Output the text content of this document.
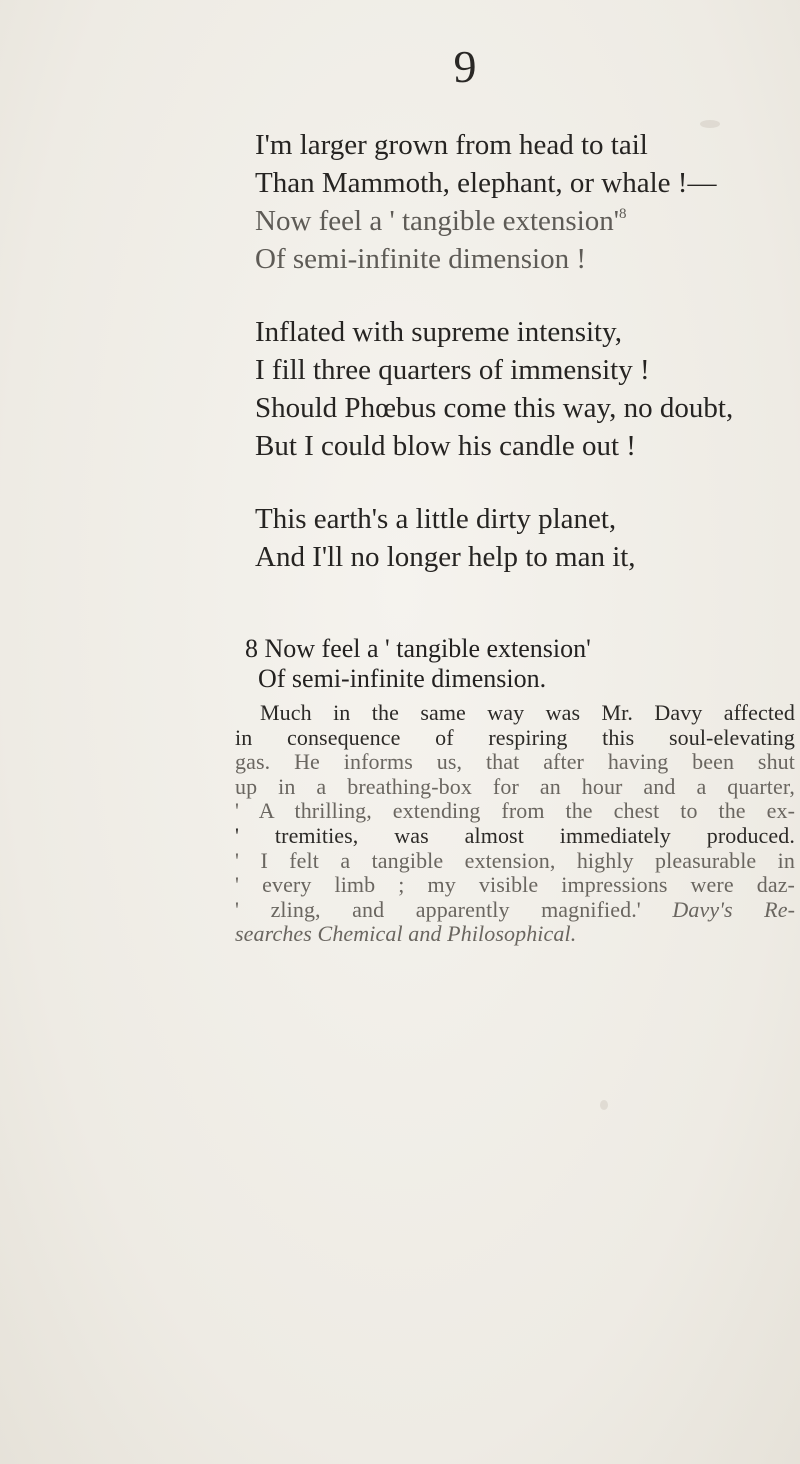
9
I'm larger grown from head to tail
Than Mammoth, elephant, or whale !—
Now feel a ' tangible extension'$^8$
Of semi-infinite dimension !
Inflated with supreme intensity,
I fill three quarters of immensity !
Should Phœbus come this way, no doubt,
But I could blow his candle out !
This earth's a little dirty planet,
And I'll no longer help to man it,
8 Now feel a ' tangible extension'
Of semi-infinite dimension.
Much in the same way was Mr. Davy affected
in consequence of respiring this soul-elevating
gas. He informs us, that after having been shut
up in a breathing-box for an hour and a quarter,
' A thrilling, extending from the chest to the ex-
' tremities, was almost immediately produced.
' I felt a tangible extension, highly pleasurable in
' every limb ; my visible impressions were daz-
' zling, and apparently magnified.' Davy's Re-
searches Chemical and Philosophical.
